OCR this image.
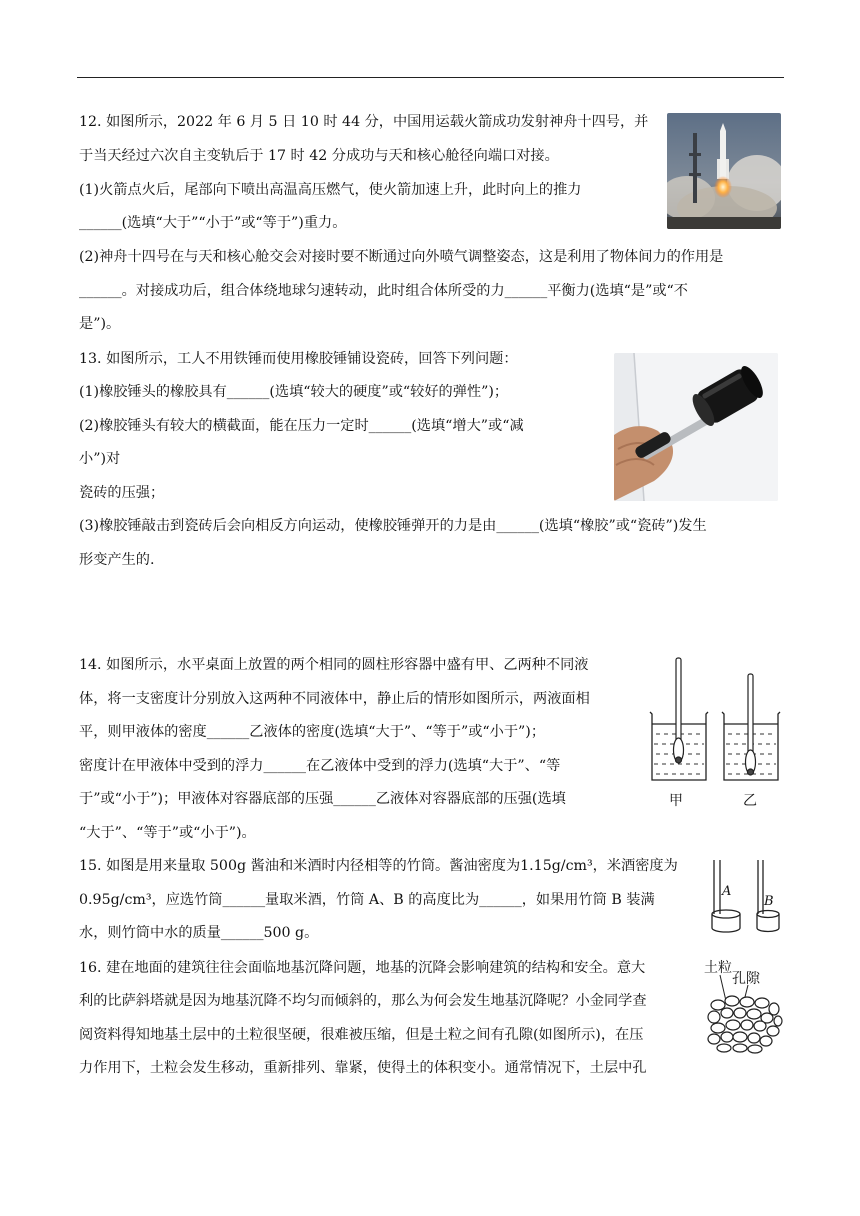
12. 如图所示，2022 年 6 月 5 日 10 时 44 分，中国用运载火箭成功发射神舟十四号，并
于当天经过六次自主变轨后于 17 时 42 分成功与天和核心舱径向端口对接。
(1)火箭点火后，尾部向下喷出高温高压燃气，使火箭加速上升，此时向上的推力
______(选填“大于”“小于”或“等于”)重力。
(2)神舟十四号在与天和核心舱交会对接时要不断通过向外喷气调整姿态，这是利用了物体间力的作用是
______。对接成功后，组合体绕地球匀速转动，此时组合体所受的力______平衡力(选填“是”或“不
是”)。
13. 如图所示，工人不用铁锤而使用橡胶锤铺设瓷砖，回答下列问题：
(1)橡胶锤头的橡胶具有______(选填“较大的硬度”或“较好的弹性”)；
(2)橡胶锤头有较大的横截面，能在压力一定时______(选填“增大”或“减
小”)对
瓷砖的压强；
(3)橡胶锤敲击到瓷砖后会向相反方向运动，使橡胶锤弹开的力是由______(选填“橡胶”或“瓷砖”)发生
形变产生的.
14. 如图所示，水平桌面上放置的两个相同的圆柱形容器中盛有甲、乙两种不同液
体，将一支密度计分别放入这两种不同液体中，静止后的情形如图所示，两液面相
平，则甲液体的密度______乙液体的密度(选填“大于”、“等于”或“小于”)；
密度计在甲液体中受到的浮力______在乙液体中受到的浮力(选填“大于”、“等
于”或“小于”)；甲液体对容器底部的压强______乙液体对容器底部的压强(选填
“大于”、“等于”或“小于”)。
甲	乙
15. 如图是用来量取 500g 酱油和米酒时内径相等的竹筒。酱油密度为1.15g/cm³，米酒密度为
0.95g/cm³，应选竹筒______量取米酒，竹筒 A、B 的高度比为______，如果用竹筒 B 装满
水，则竹筒中水的质量______500 g。
A
B
16. 建在地面的建筑往往会面临地基沉降问题，地基的沉降会影响建筑的结构和安全。意大
利的比萨斜塔就是因为地基沉降不均匀而倾斜的，那么为何会发生地基沉降呢？小金同学查
阅资料得知地基土层中的土粒很坚硬，很难被压缩，但是土粒之间有孔隙(如图所示)，在压
力作用下，土粒会发生移动，重新排列、靠紧，使得土的体积变小。通常情况下，土层中孔
土粒
孔隙
